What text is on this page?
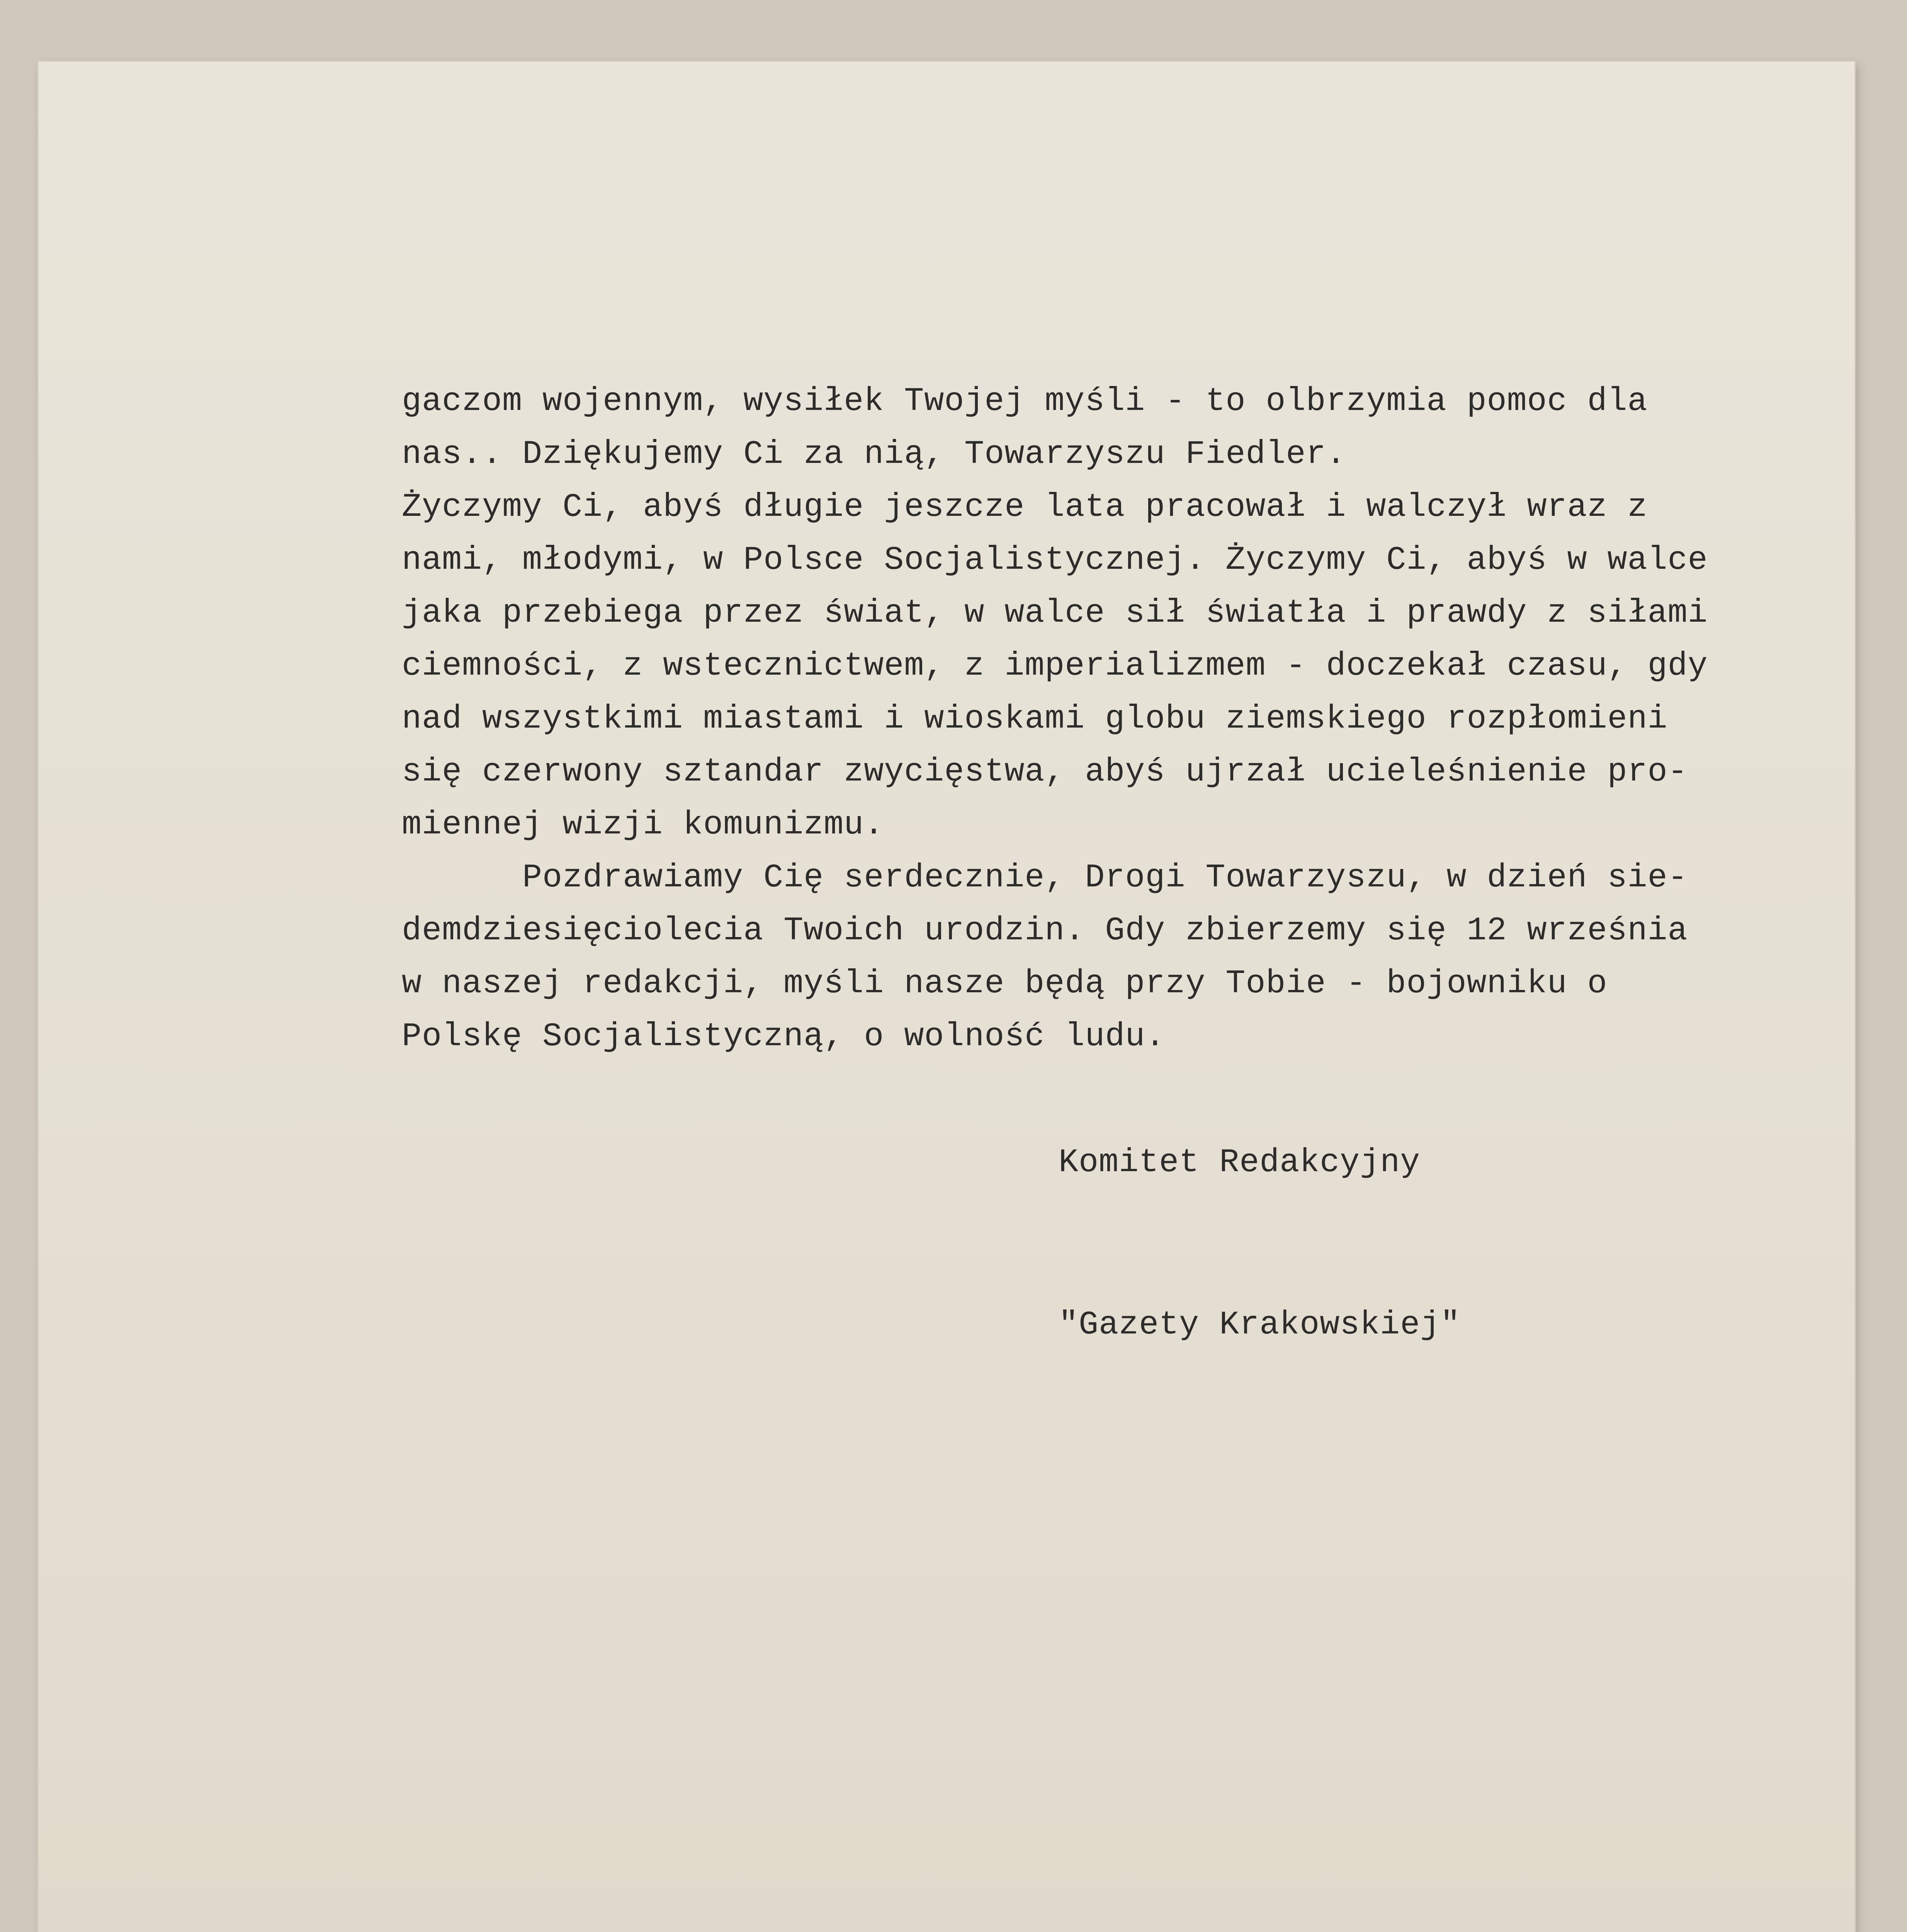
gaczom wojennym, wysiłek Twojej myśli - to olbrzymia pomoc dla
nas.. Dziękujemy Ci za nią, Towarzyszu Fiedler.
Życzymy Ci, abyś długie jeszcze lata pracował i walczył wraz z
nami, młodymi, w Polsce Socjalistycznej. Życzymy Ci, abyś w walce
jaka przebiega przez świat, w walce sił światła i prawdy z siłami
ciemności, z wstecznictwem, z imperializmem - doczekał czasu, gdy
nad wszystkimi miastami i wioskami globu ziemskiego rozpłomieni
się czerwony sztandar zwycięstwa, abyś ujrzał ucieleśnienie pro-
miennej wizji komunizmu.
Pozdrawiamy Cię serdecznie, Drogi Towarzyszu, w dzień sie-
demdziesięciolecia Twoich urodzin. Gdy zbierzemy się 12 września
w naszej redakcji, myśli nasze będą przy Tobie - bojowniku o
Polskę Socjalistyczną, o wolność ludu.
Komitet Redakcyjny
"Gazety Krakowskiej"
